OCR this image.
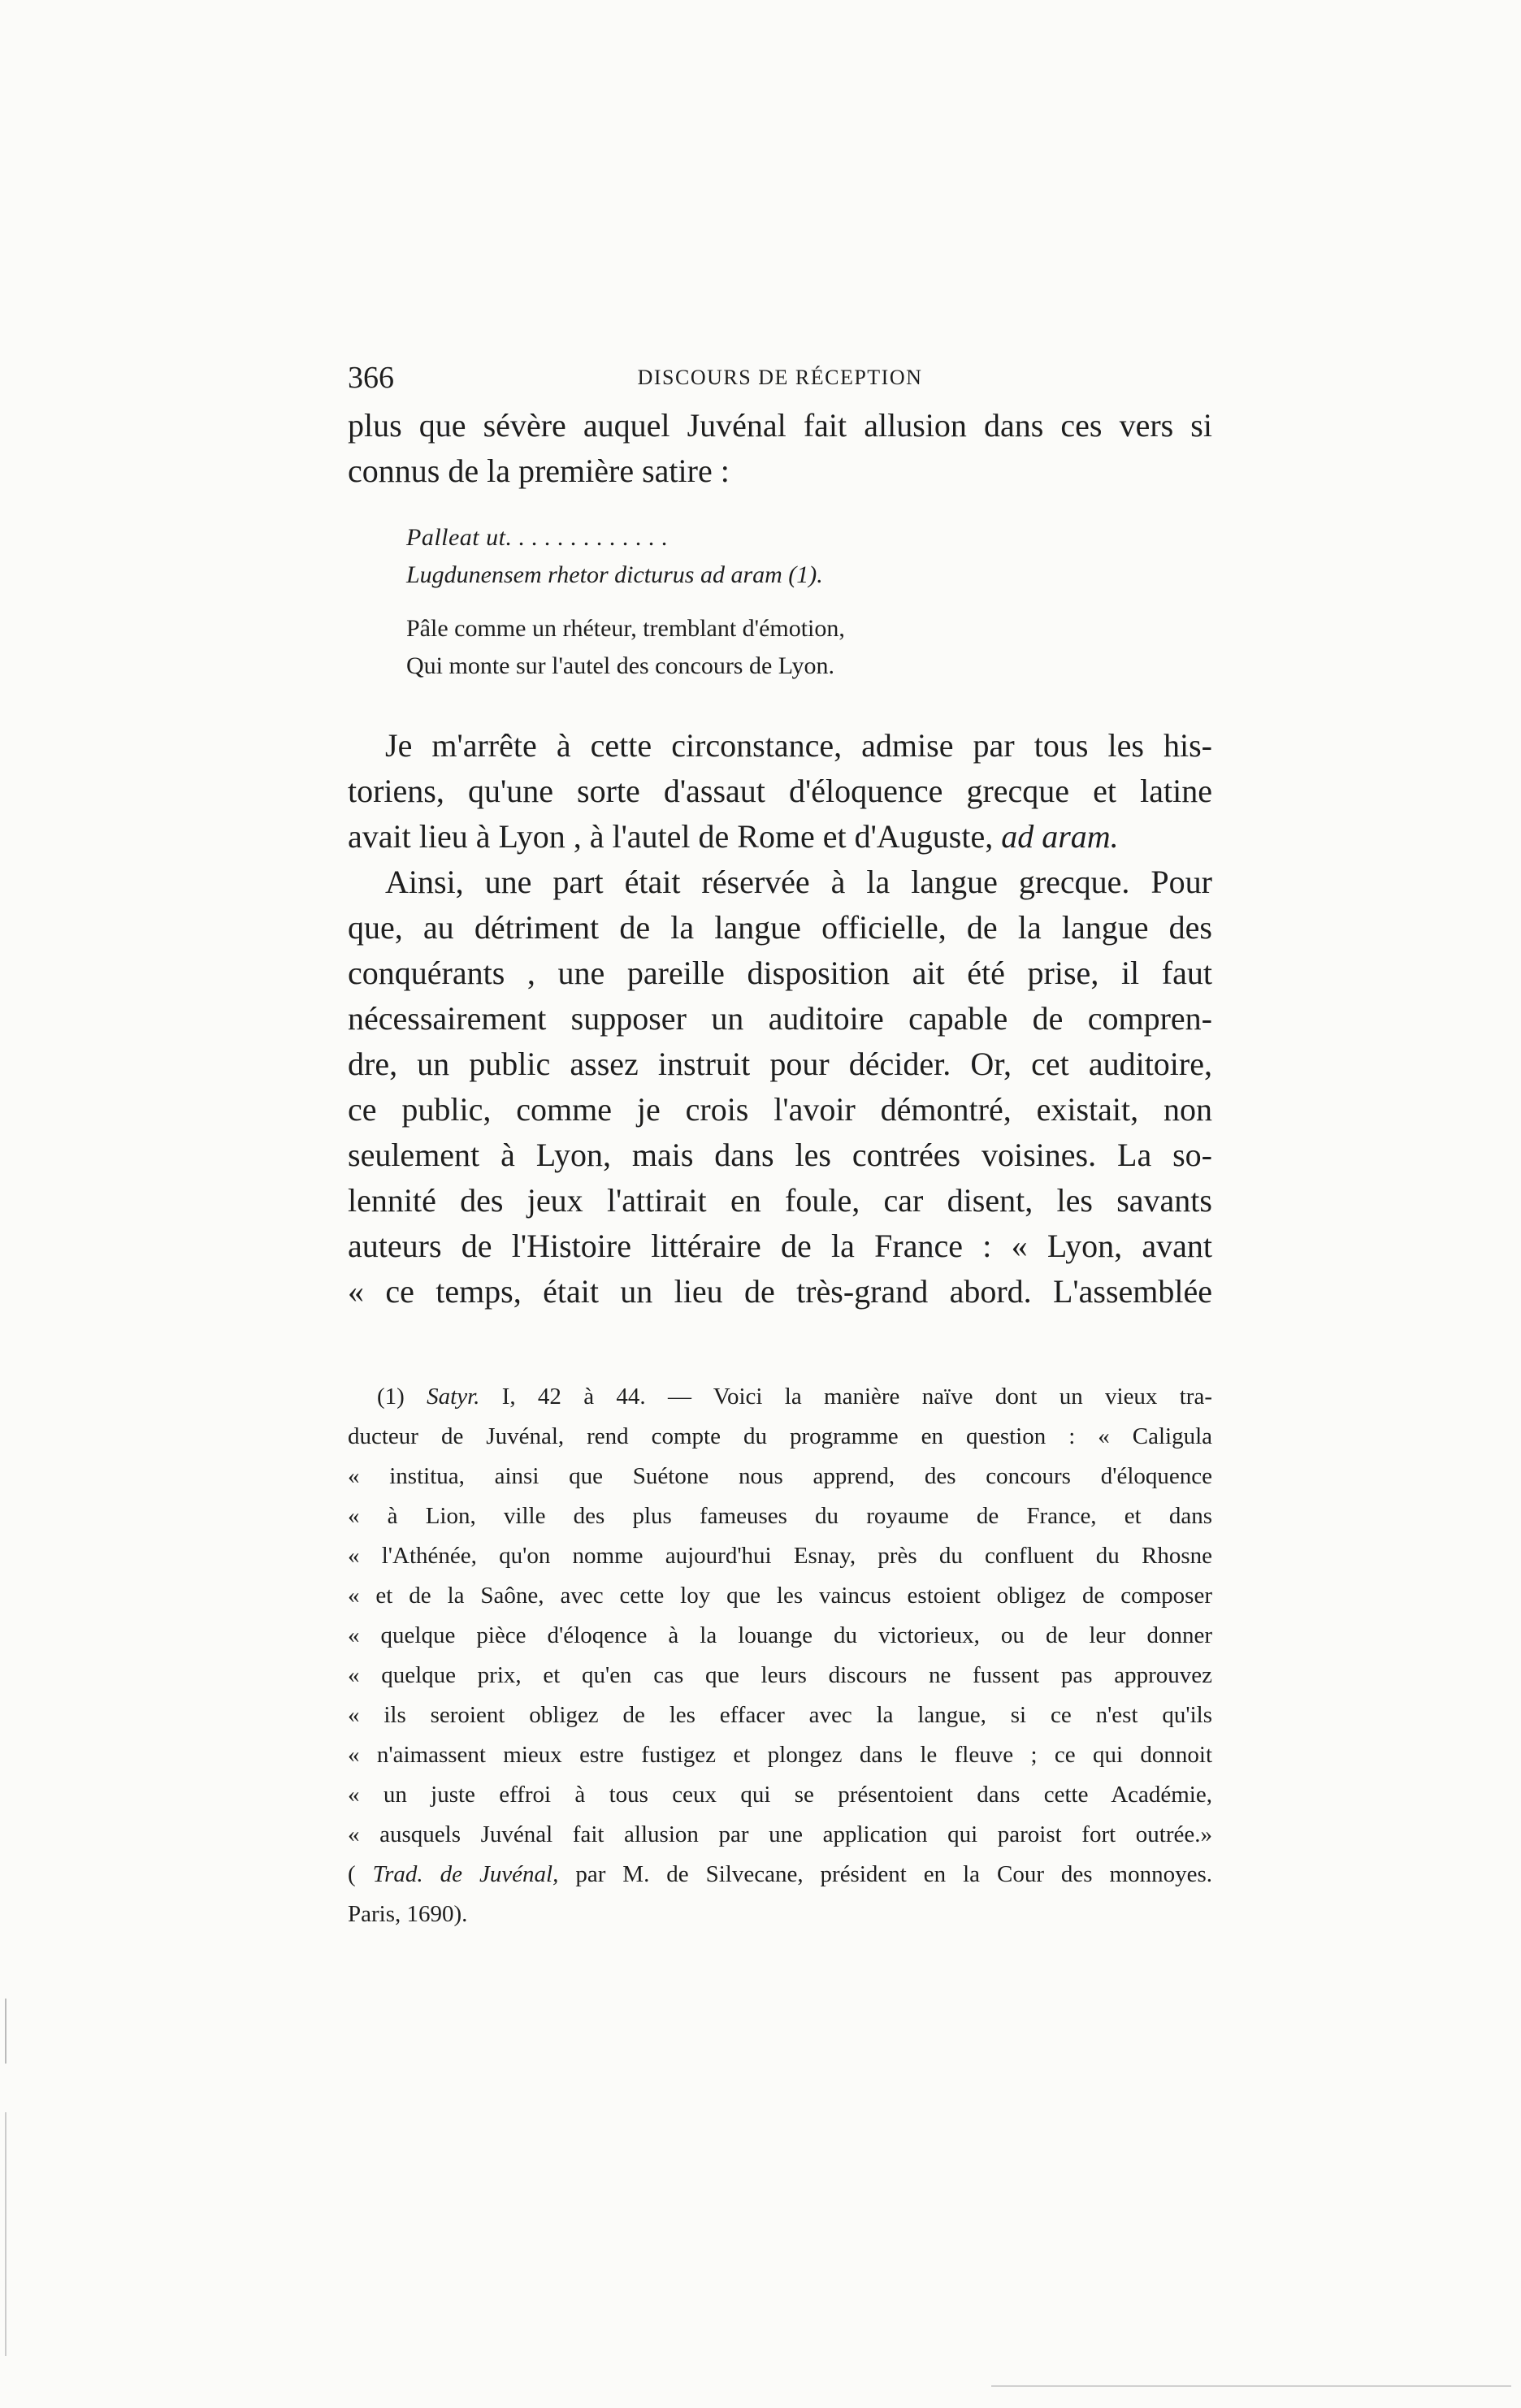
366	DISCOURS DE RÉCEPTION
plus que sévère auquel Juvénal fait allusion dans ces vers si
connus de la première satire :
Palleat ut. . . . . . . . . . . . .
Lugdunensem rhetor dicturus ad aram (1).
Pâle comme un rhéteur, tremblant d'émotion,
Qui monte sur l'autel des concours de Lyon.
Je m'arrête à cette circonstance, admise par tous les his-
toriens, qu'une sorte d'assaut d'éloquence grecque et latine
avait lieu à Lyon , à l'autel de Rome et d'Auguste, ad aram.
Ainsi, une part était réservée à la langue grecque. Pour
que, au détriment de la langue officielle, de la langue des
conquérants , une pareille disposition ait été prise, il faut
nécessairement supposer un auditoire capable de compren-
dre, un public assez instruit pour décider. Or, cet auditoire,
ce public, comme je crois l'avoir démontré, existait, non
seulement à Lyon, mais dans les contrées voisines. La so-
lennité des jeux l'attirait en foule, car disent, les savants
auteurs de l'Histoire littéraire de la France : « Lyon, avant
« ce temps, était un lieu de très-grand abord. L'assemblée
(1) Satyr. I, 42 à 44. — Voici la manière naïve dont un vieux tra-
ducteur de Juvénal, rend compte du programme en question : « Caligula
« institua, ainsi que Suétone nous apprend, des concours d'éloquence
« à Lion, ville des plus fameuses du royaume de France, et dans
« l'Athénée, qu'on nomme aujourd'hui Esnay, près du confluent du Rhosne
« et de la Saône, avec cette loy que les vaincus estoient obligez de composer
« quelque pièce d'éloqence à la louange du victorieux, ou de leur donner
« quelque prix, et qu'en cas que leurs discours ne fussent pas approuvez
« ils seroient obligez de les effacer avec la langue, si ce n'est qu'ils
« n'aimassent mieux estre fustigez et plongez dans le fleuve ; ce qui donnoit
« un juste effroi à tous ceux qui se présentoient dans cette Académie,
« ausquels Juvénal fait allusion par une application qui paroist fort outrée.»
( Trad. de Juvénal, par M. de Silvecane, président en la Cour des monnoyes.
Paris, 1690).
